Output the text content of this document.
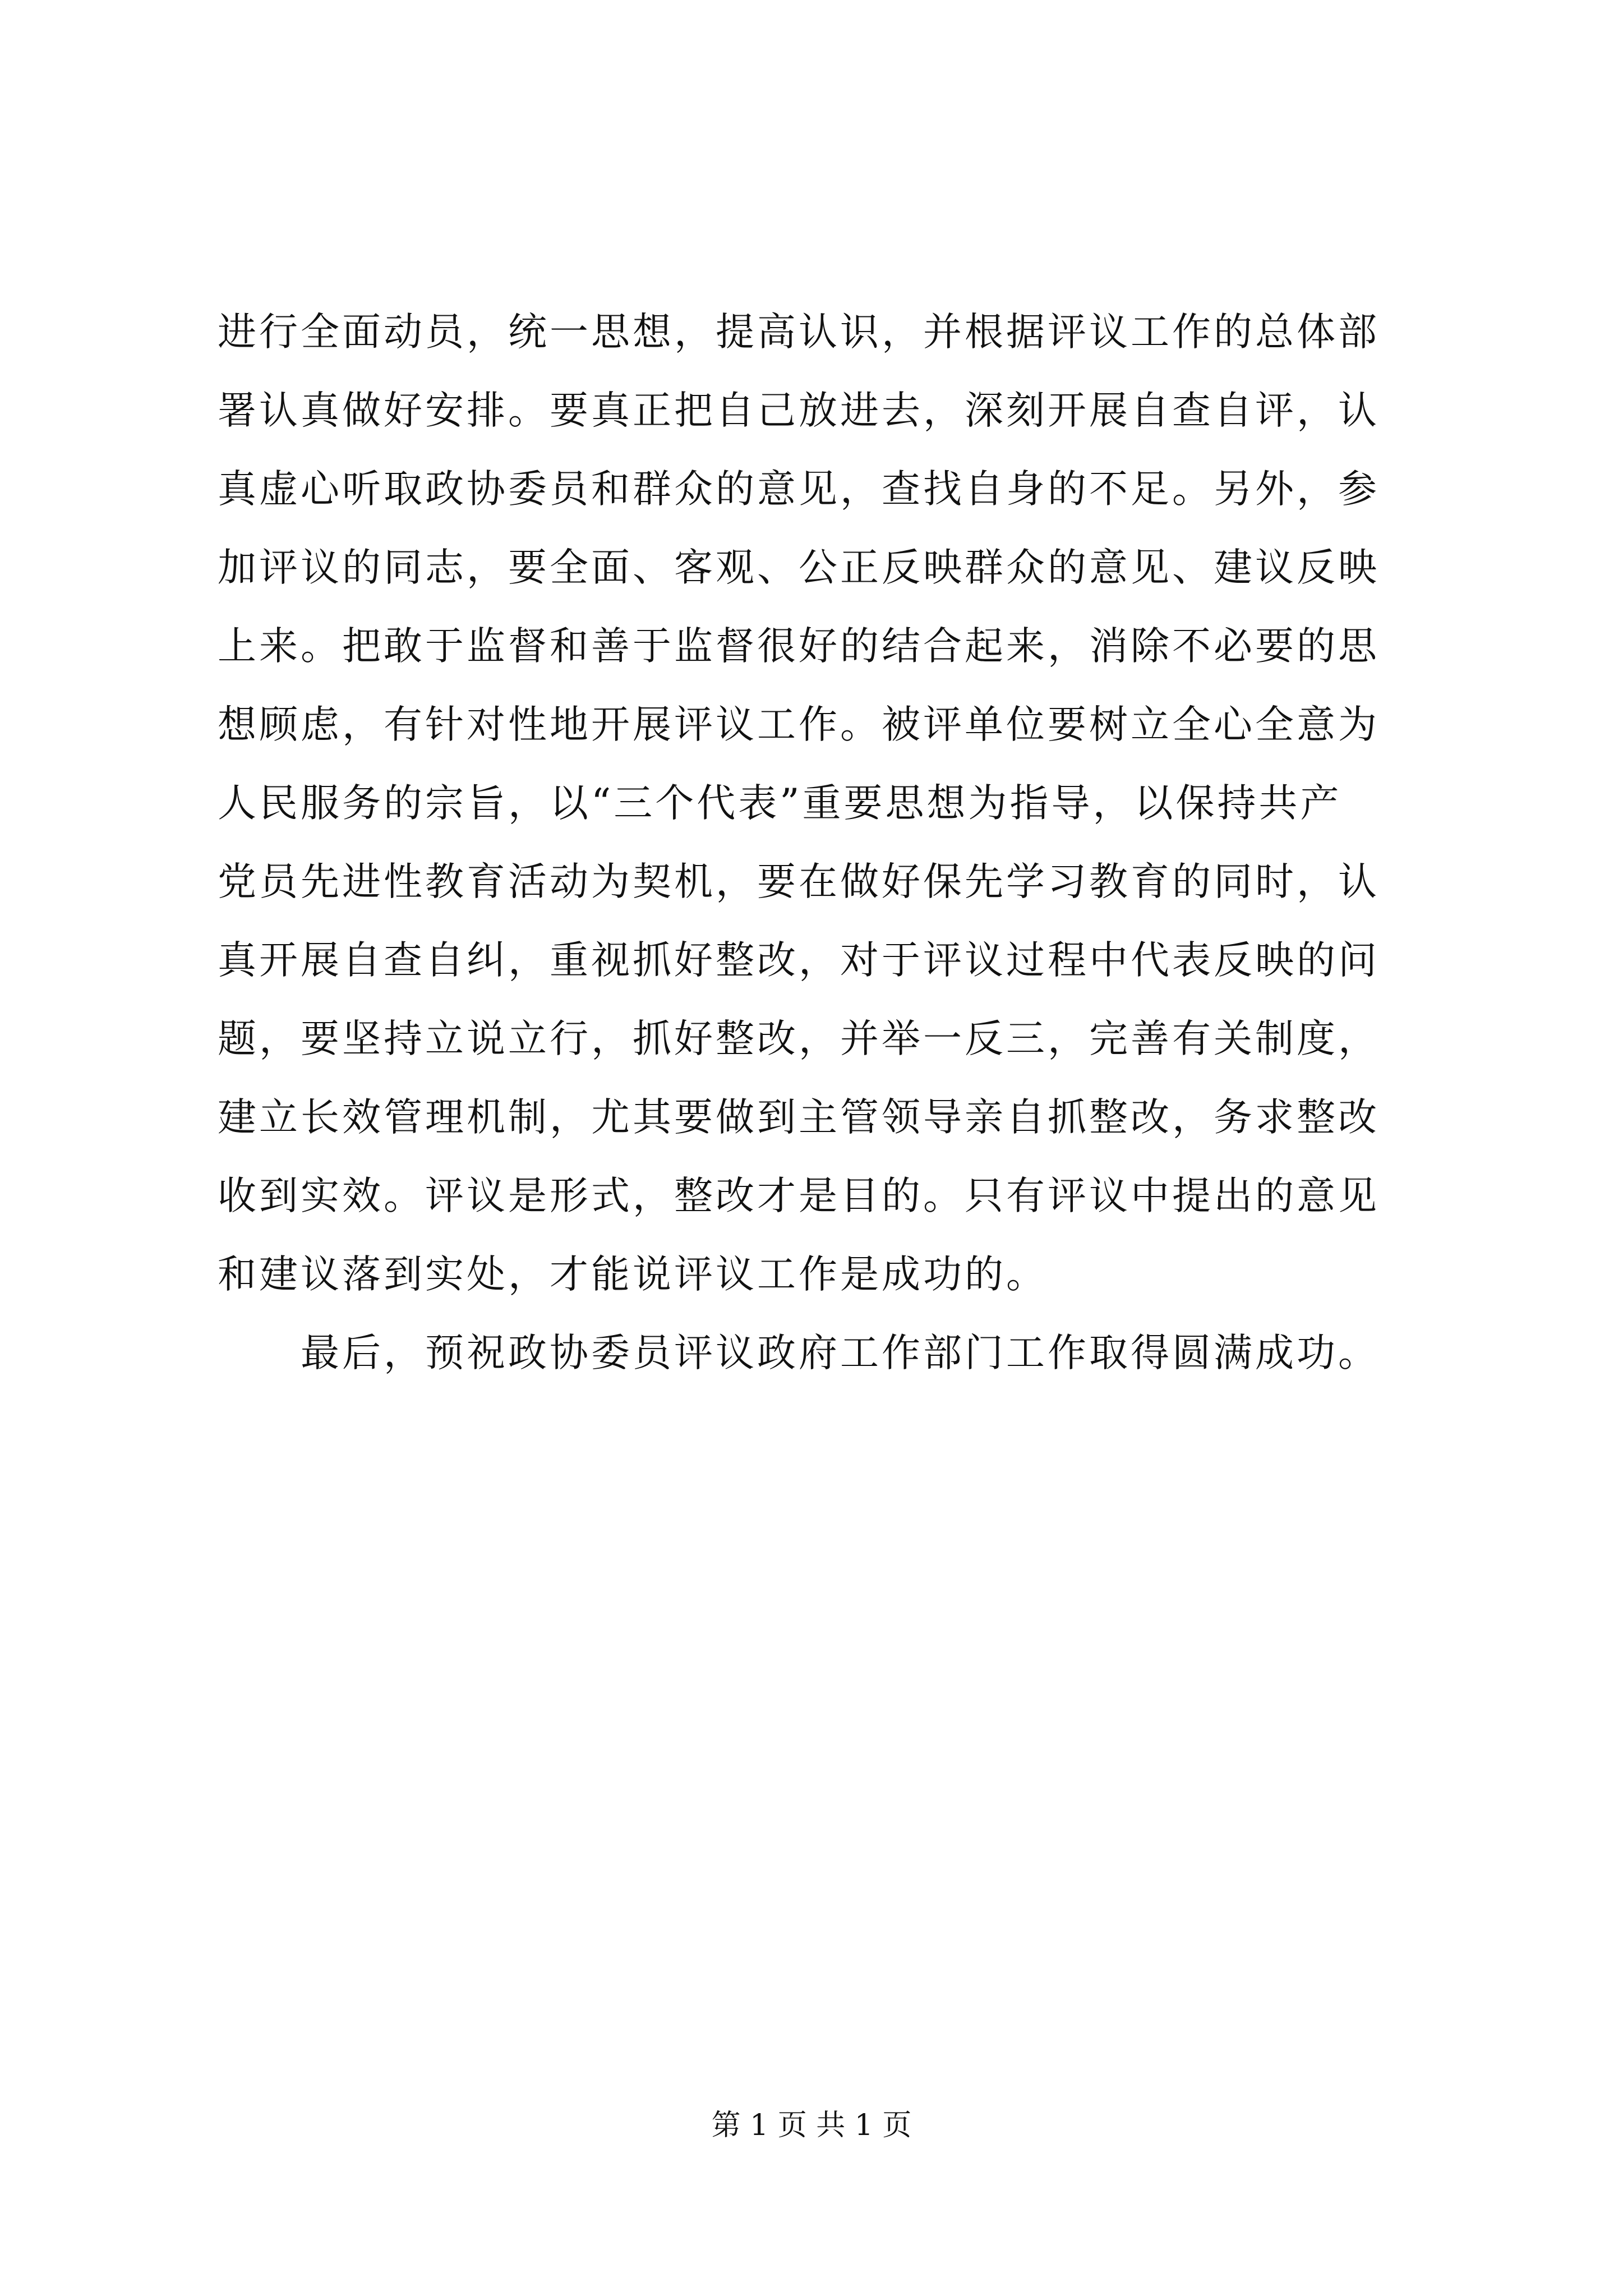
进行全面动员，统一思想，提高认识，并根据评议工作的总体部
署认真做好安排。要真正把自己放进去，深刻开展自查自评，认
真虚心听取政协委员和群众的意见，查找自身的不足。另外，参
加评议的同志，要全面、客观、公正反映群众的意见、建议反映
上来。把敢于监督和善于监督很好的结合起来，消除不必要的思
想顾虑，有针对性地开展评议工作。被评单位要树立全心全意为
人民服务的宗旨，以“三个代表”重要思想为指导，以保持共产
党员先进性教育活动为契机，要在做好保先学习教育的同时，认
真开展自查自纠，重视抓好整改，对于评议过程中代表反映的问
题，要坚持立说立行，抓好整改，并举一反三，完善有关制度，
建立长效管理机制，尤其要做到主管领导亲自抓整改，务求整改
收到实效。评议是形式，整改才是目的。只有评议中提出的意见
和建议落到实处，才能说评议工作是成功的。
最后，预祝政协委员评议政府工作部门工作取得圆满成功。
第 1 页 共 1 页
